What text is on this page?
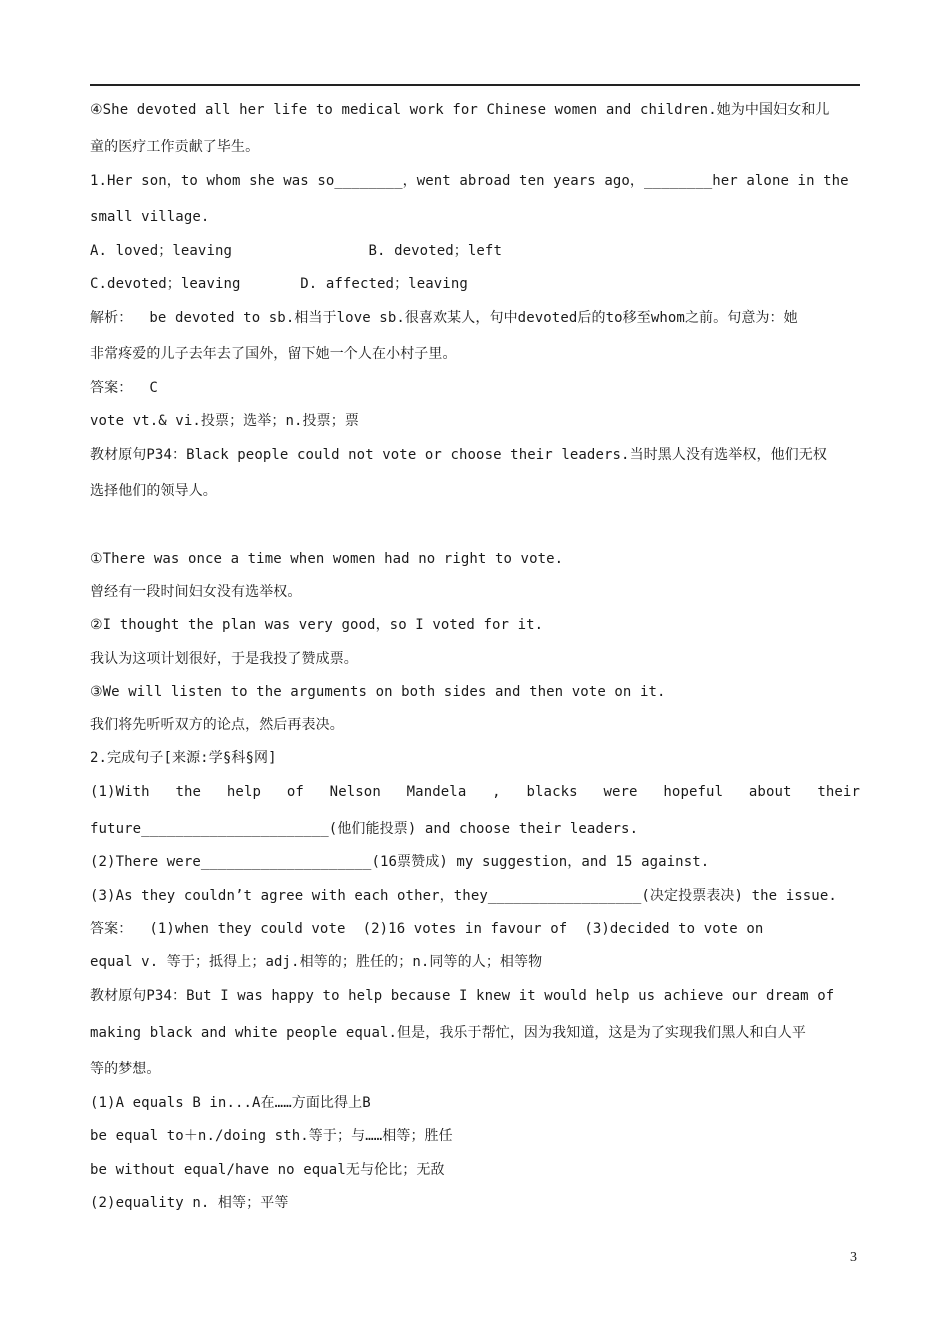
④She devoted all her life to medical work for Chinese women and children.她为中国妇女和儿
童的医疗工作贡献了毕生。
1.Her son，to whom she was so________，went abroad ten years ago，________her alone in the
small village.
A. loved；leaving                B. devoted；left
C.devoted；leaving       D. affected；leaving
解析：  be devoted to sb.相当于love sb.很喜欢某人，句中devoted后的to移至whom之前。句意为：她
非常疼爱的儿子去年去了国外，留下她一个人在小村子里。
答案：  C
vote vt.& vi.投票；选举；n.投票；票
教材原句P34：Black people could not vote or choose their leaders.当时黑人没有选举权，他们无权
选择他们的领导人。
①There was once a time when women had no right to vote.
曾经有一段时间妇女没有选举权。
②I thought the plan was very good，so I voted for it.
我认为这项计划很好，于是我投了赞成票。
③We will listen to the arguments on both sides and then vote on it.
我们将先听听双方的论点，然后再表决。
2.完成句子[来源:学§科§网]
(1)With the help of Nelson Mandela , blacks were hopeful about their
future______________________(他们能投票) and choose their leaders.
(2)There were____________________(16票赞成) my suggestion，and 15 against.
(3)As they couldn’t agree with each other，they__________________(决定投票表决) the issue.
答案：  (1)when they could vote  (2)16 votes in favour of  (3)decided to vote on
equal v. 等于；抵得上；adj.相等的；胜任的；n.同等的人；相等物
教材原句P34：But I was happy to help because I knew it would help us achieve our dream of
making black and white people equal.但是，我乐于帮忙，因为我知道，这是为了实现我们黑人和白人平
等的梦想。
(1)A equals B in...A在……方面比得上B
be equal to＋n./doing sth.等于；与……相等；胜任
be without equal/have no equal无与伦比；无敌
(2)equality n. 相等；平等
3
